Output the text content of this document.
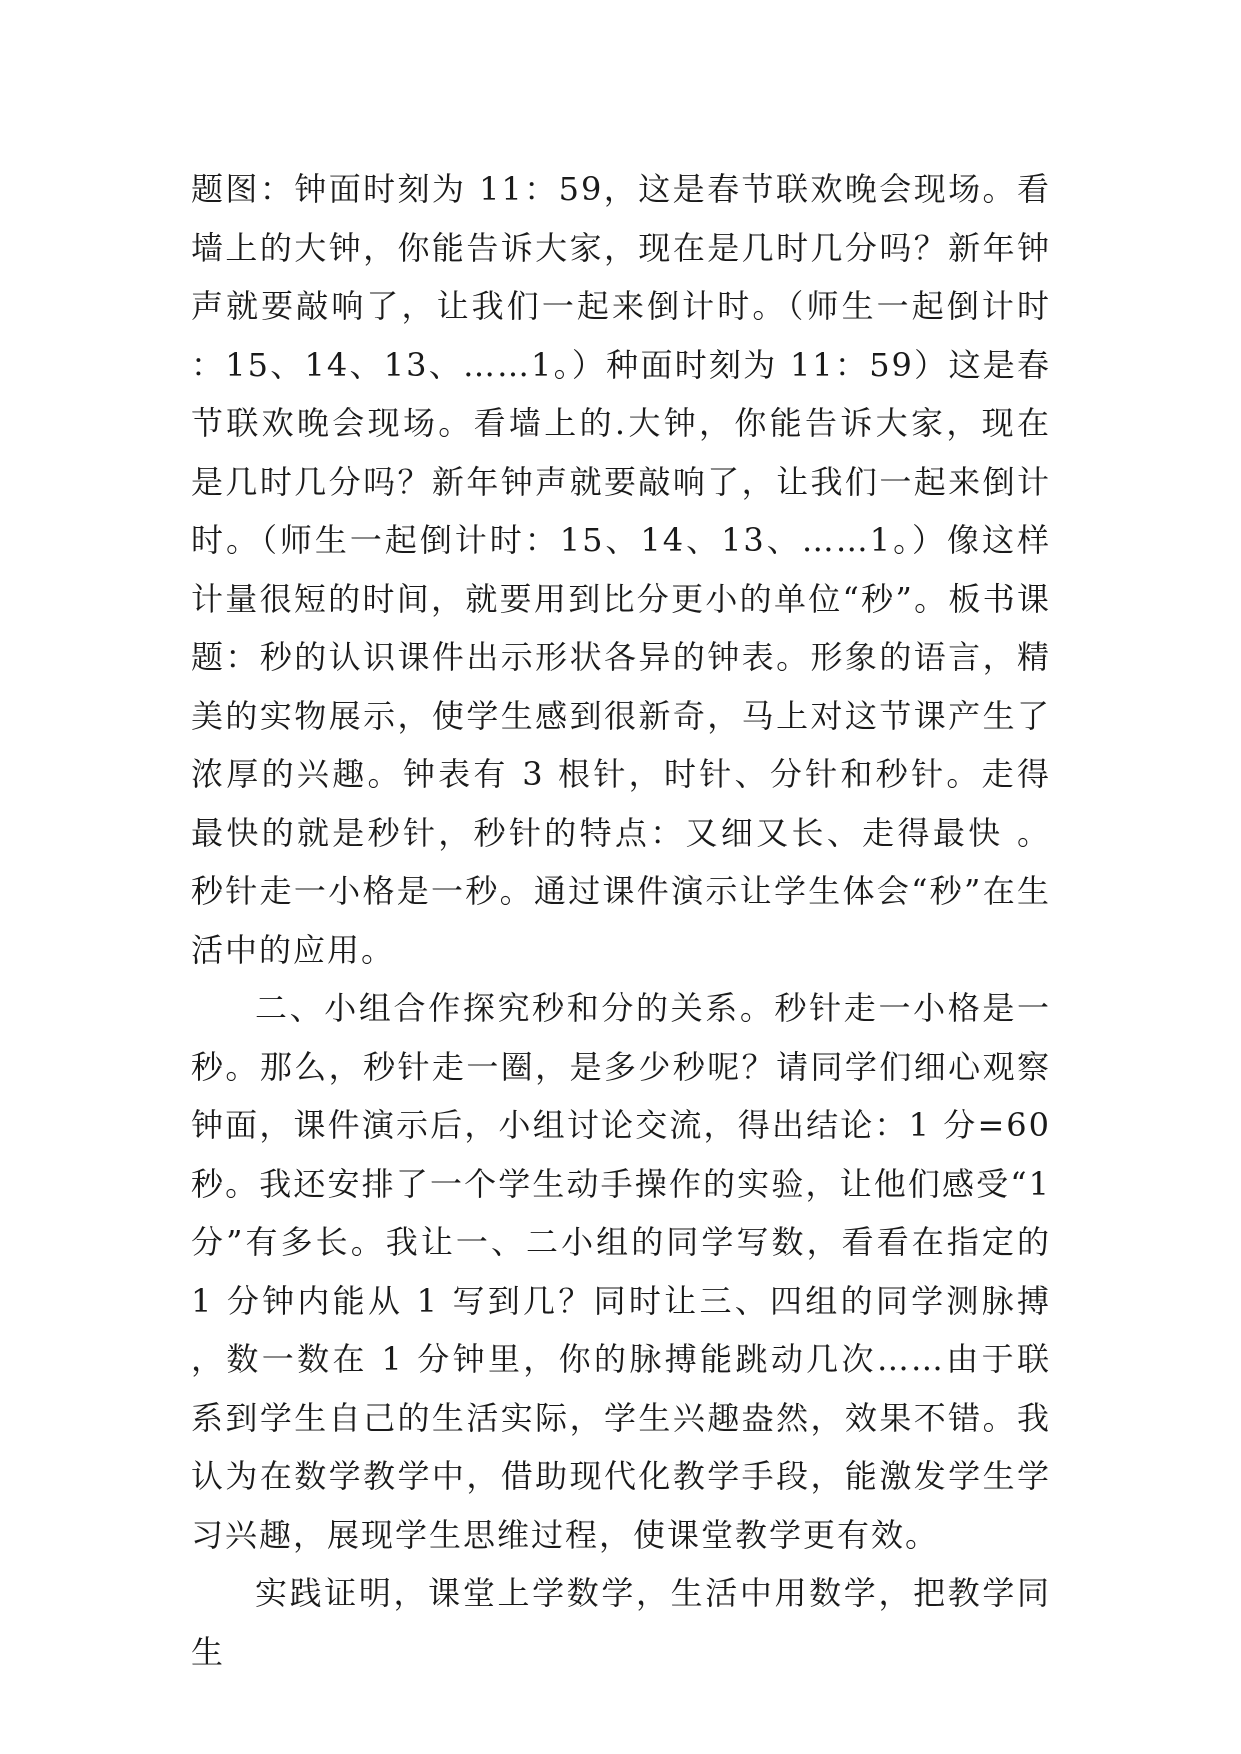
题图：钟面时刻为 11：59，这是春节联欢晚会现场。看墙上的大钟，你能告诉大家，现在是几时几分吗？新年钟声就要敲响了，让我们一起来倒计时。（师生一起倒计时：15、14、13、……1。）种面时刻为 11：59）这是春节联欢晚会现场。看墙上的.大钟，你能告诉大家，现在是几时几分吗？新年钟声就要敲响了，让我们一起来倒计时。（师生一起倒计时：15、14、13、……1。）像这样计量很短的时间，就要用到比分更小的单位“秒”。板书课题：秒的认识课件出示形状各异的钟表。形象的语言，精美的实物展示，使学生感到很新奇，马上对这节课产生了浓厚的兴趣。钟表有 3 根针，时针、分针和秒针。走得最快的就是秒针，秒针的特点：又细又长、走得最快 。秒针走一小格是一秒。通过课件演示让学生体会“秒”在生活中的应用。

二、小组合作探究秒和分的关系。秒针走一小格是一秒。那么，秒针走一圈，是多少秒呢？请同学们细心观察钟面，课件演示后，小组讨论交流，得出结论：1 分=60 秒。我还安排了一个学生动手操作的实验，让他们感受“1 分”有多长。我让一、二小组的同学写数，看看在指定的 1 分钟内能从 1 写到几？同时让三、四组的同学测脉搏，数一数在 1 分钟里，你的脉搏能跳动几次……由于联系到学生自己的生活实际，学生兴趣盎然，效果不错。我认为在数学教学中，借助现代化教学手段，能激发学生学习兴趣，展现学生思维过程，使课堂教学更有效。

实践证明，课堂上学数学，生活中用数学，把教学同生
